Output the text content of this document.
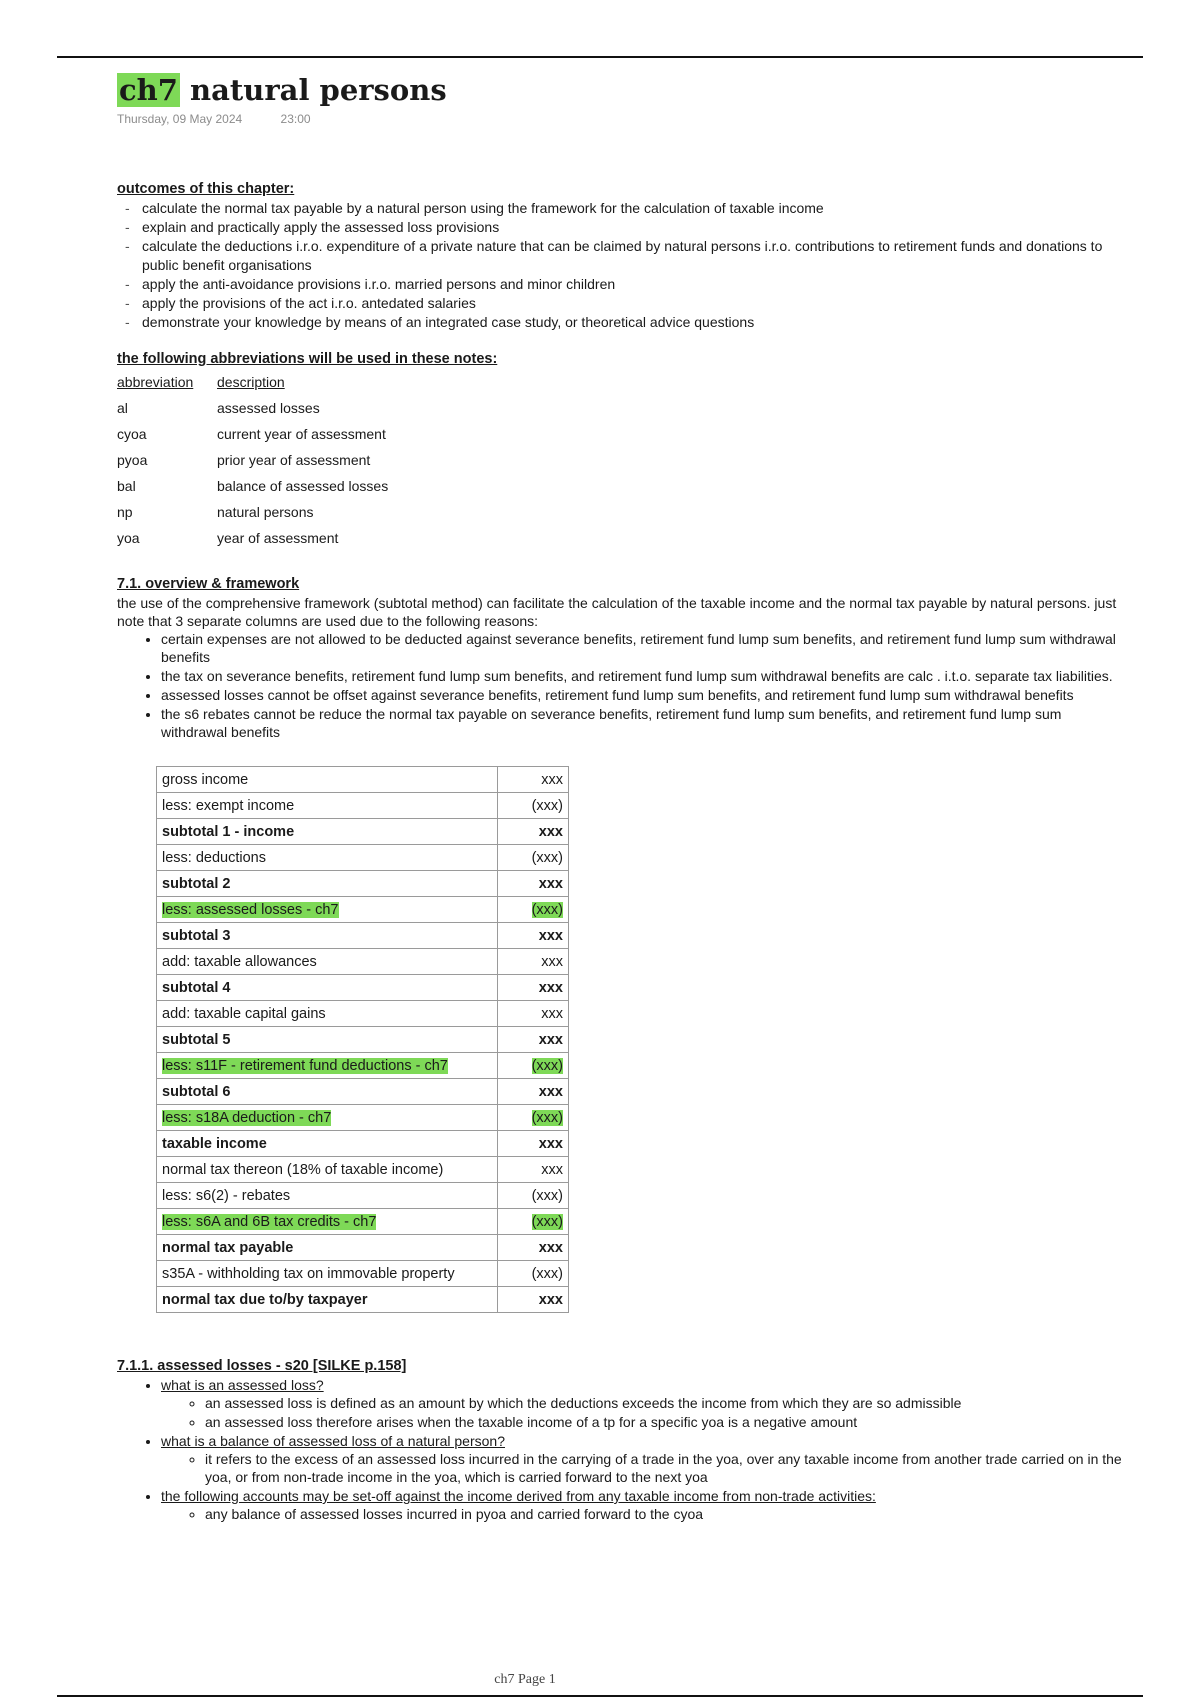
ch7 natural persons
Thursday, 09 May 2024	23:00

outcomes of this chapter:

- calculate the normal tax payable by a natural person using the framework for the calculation of taxable income
- explain and practically apply the assessed loss provisions
- calculate the deductions i.r.o. expenditure of a private nature that can be claimed by natural persons i.r.o. contributions to retirement funds and donations to public benefit organisations
- apply the anti-avoidance provisions i.r.o. married persons and minor children
- apply the provisions of the act i.r.o. antedated salaries
- demonstrate your knowledge by means of an integrated case study, or theoretical advice questions

the following abbreviations will be used in these notes:

abbreviation	description
al	assessed losses
cyoa	current year of assessment
pyoa	prior year of assessment
bal	balance of assessed losses
np	natural persons
yoa	year of assessment

7.1. overview & framework

the use of the comprehensive framework (subtotal method) can facilitate the calculation of the taxable income and the normal tax payable by natural persons. just note that 3 separate columns are used due to the following reasons:

• certain expenses are not allowed to be deducted against severance benefits, retirement fund lump sum benefits, and retirement fund lump sum withdrawal benefits
• the tax on severance benefits, retirement fund lump sum benefits, and retirement fund lump sum withdrawal benefits are calc . i.t.o. separate tax liabilities.
• assessed losses cannot be offset against severance benefits, retirement fund lump sum benefits, and retirement fund lump sum withdrawal benefits
• the s6 rebates cannot be reduce the normal tax payable on severance benefits, retirement fund lump sum benefits, and retirement fund lump sum withdrawal benefits
gross income	xxx
less: exempt income	(xxx)
subtotal 1 - income	xxx
less: deductions	(xxx)
subtotal 2	xxx
less: assessed losses - ch7	(xxx)
subtotal 3	xxx
add: taxable allowances	xxx
subtotal 4	xxx
add: taxable capital gains	xxx
subtotal 5	xxx
less: s11F - retirement fund deductions - ch7	(xxx)
subtotal 6	xxx
less: s18A deduction - ch7	(xxx)
taxable income	xxx
normal tax thereon (18% of taxable income)	xxx
less: s6(2) - rebates	(xxx)
less: s6A and 6B tax credits - ch7	(xxx)
normal tax payable	xxx
s35A - withholding tax on immovable property	(xxx)
normal tax due to/by taxpayer	xxx

7.1.1. assessed losses - s20 [SILKE p.158]

• what is an assessed loss?
◦ an assessed loss is defined as an amount by which the deductions exceeds the income from which they are so admissible
◦ an assessed loss therefore arises when the taxable income of a tp for a specific yoa is a negative amount
• what is a balance of assessed loss of a natural person?
◦ it refers to the excess of an assessed loss incurred in the carrying of a trade in the yoa, over any taxable income from another trade carried on in the yoa, or from non-trade income in the yoa, which is carried forward to the next yoa
• the following accounts may be set-off against the income derived from any taxable income from non-trade activities:
◦ any balance of assessed losses incurred in pyoa and carried forward to the cyoa
ch7 Page 1
